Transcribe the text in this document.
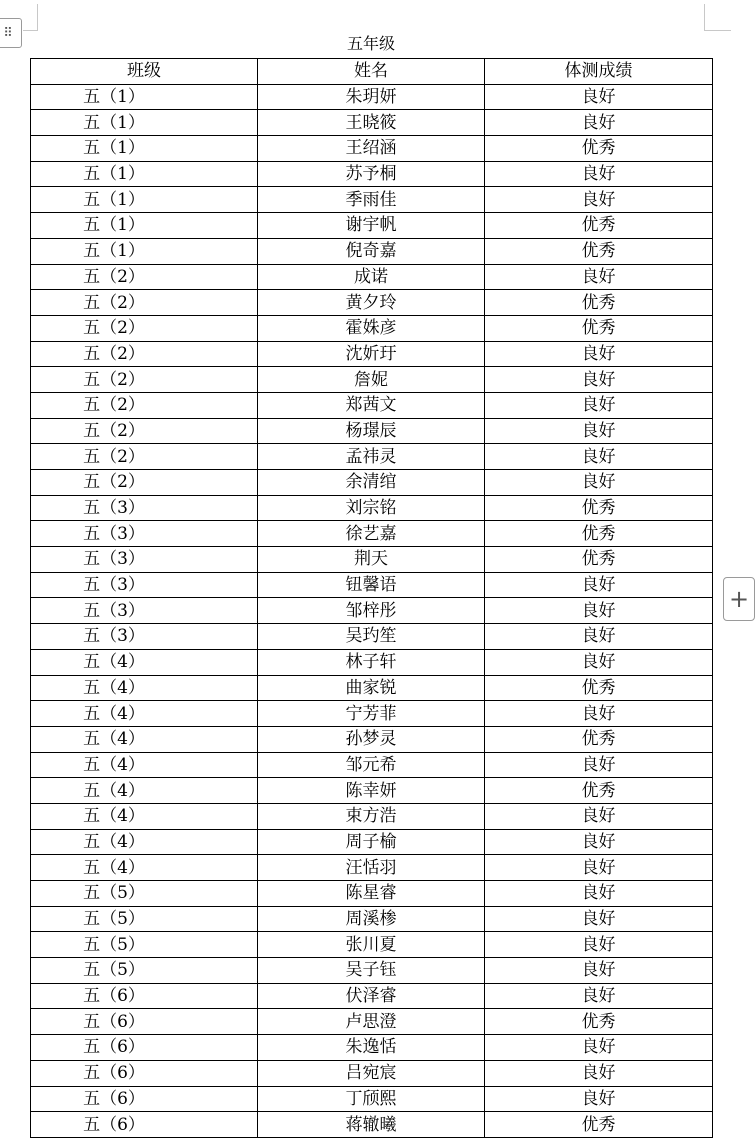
⠿
+
五年级
班级	姓名	体测成绩
五（1）	朱玥妍	良好
五（1）	王晓筱	良好
五（1）	王绍涵	优秀
五（1）	苏予桐	良好
五（1）	季雨佳	良好
五（1）	谢宇帆	优秀
五（1）	倪奇嘉	优秀
五（2）	成诺	良好
五（2）	黄夕玲	优秀
五（2）	霍姝彦	优秀
五（2）	沈妡玗	良好
五（2）	詹妮	良好
五（2）	郑茜文	良好
五（2）	杨璟辰	良好
五（2）	孟祎灵	良好
五（2）	余清绾	良好
五（3）	刘宗铭	优秀
五（3）	徐艺嘉	优秀
五（3）	荆天	优秀
五（3）	钮馨语	良好
五（3）	邹梓彤	良好
五（3）	吴玓笙	良好
五（4）	林子轩	良好
五（4）	曲家锐	优秀
五（4）	宁芳菲	良好
五（4）	孙梦灵	优秀
五（4）	邹元希	良好
五（4）	陈幸妍	优秀
五（4）	束方浩	良好
五（4）	周子榆	良好
五（4）	汪恬羽	良好
五（5）	陈星睿	良好
五（5）	周溪椮	良好
五（5）	张川夏	良好
五（5）	吴子钰	良好
五（6）	伏泽睿	良好
五（6）	卢思澄	优秀
五（6）	朱逸恬	良好
五（6）	吕宛宸	良好
五（6）	丁颀熙	良好
五（6）	蒋辙曦	优秀
